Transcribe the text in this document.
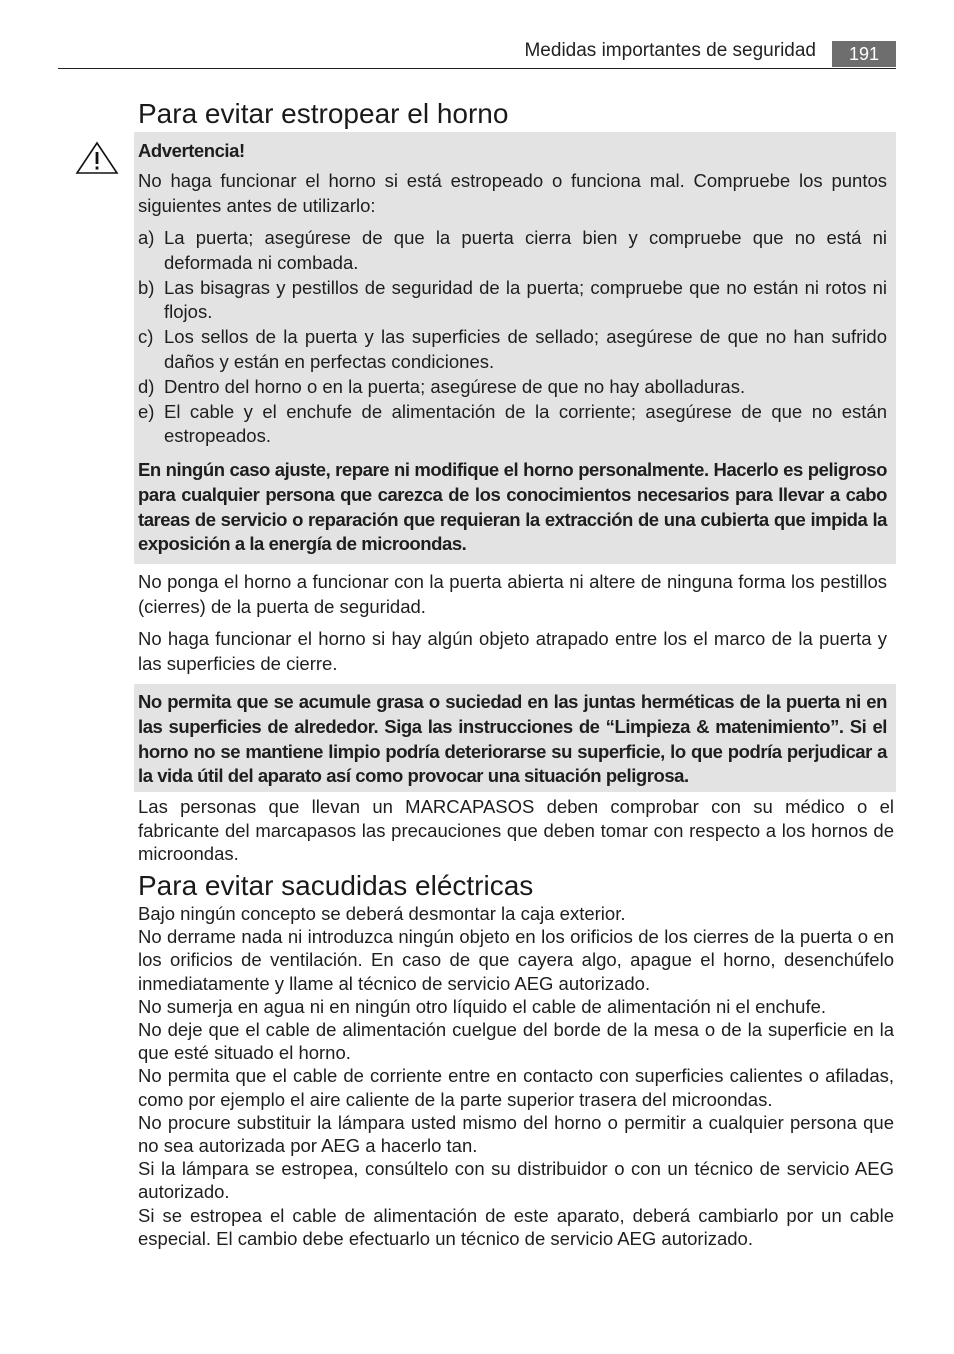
Medidas importantes de seguridad	191
Para evitar estropear el horno
Advertencia!
No haga funcionar el horno si está estropeado o funciona mal. Compruebe los puntos siguientes antes de utilizarlo:
a) La puerta; asegúrese de que la puerta cierra bien y compruebe que no está ni deformada ni combada.
b) Las bisagras y pestillos de seguridad de la puerta; compruebe que no están ni rotos ni flojos.
c) Los sellos de la puerta y las superficies de sellado; asegúrese de que no han sufrido daños y están en perfectas condiciones.
d) Dentro del horno o en la puerta; asegúrese de que no hay abolladuras.
e) El cable y el enchufe de alimentación de la corriente; asegúrese de que no están estropeados.
En ningún caso ajuste, repare ni modifique el horno personalmente. Hacerlo es peligroso para cualquier persona que carezca de los conocimientos necesarios para llevar a cabo tareas de servicio o reparación que requieran la extracción de una cubierta que impida la exposición a la energía de microondas.
No ponga el horno a funcionar con la puerta abierta ni altere de ninguna forma los pestillos (cierres) de la puerta de seguridad.
No haga funcionar el horno si hay algún objeto atrapado entre los el marco de la puerta y las superficies de cierre.
No permita que se acumule grasa o suciedad en las juntas herméticas de la puerta ni en las superficies de alrededor. Siga las instrucciones de “Limpieza & matenimiento”. Si el horno no se mantiene limpio podría deteriorarse su superficie, lo que podría perjudicar a la vida útil del aparato así como provocar una situación peligrosa.
Las personas que llevan un MARCAPASOS deben comprobar con su médico o el fabricante del marcapasos las precauciones que deben tomar con respecto a los hornos de microondas.
Para evitar sacudidas eléctricas
Bajo ningún concepto se deberá desmontar la caja exterior.
No derrame nada ni introduzca ningún objeto en los orificios de los cierres de la puerta o en los orificios de ventilación. En caso de que cayera algo, apague el horno, desenchúfelo inmediatamente y llame al técnico de servicio AEG autorizado.
No sumerja en agua ni en ningún otro líquido el cable de alimentación ni el enchufe.
No deje que el cable de alimentación cuelgue del borde de la mesa o de la superficie en la que esté situado el horno.
No permita que el cable de corriente entre en contacto con superficies calientes o afiladas, como por ejemplo el aire caliente de la parte superior trasera del microondas.
No procure substituir la lámpara usted mismo del horno o permitir a cualquier persona que no sea autorizada por AEG a hacerlo tan.
Si la lámpara se estropea, consúltelo con su distribuidor o con un técnico de servicio AEG autorizado.
Si se estropea el cable de alimentación de este aparato, deberá cambiarlo por un cable especial. El cambio debe efectuarlo un técnico de servicio AEG autorizado.
